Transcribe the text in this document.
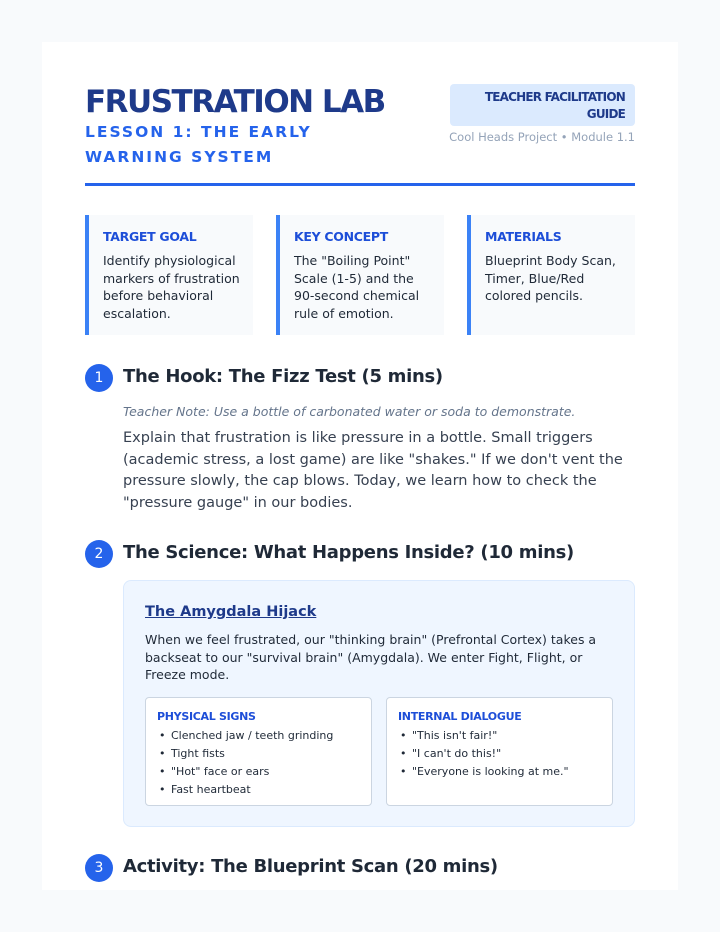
FRUSTRATION LAB
LESSON 1: THE EARLY WARNING SYSTEM
TEACHER FACILITATION GUIDE
Cool Heads Project • Module 1.1
TARGET GOAL
Identify physiological markers of frustration before behavioral escalation.
KEY CONCEPT
The "Boiling Point" Scale (1-5) and the 90-second chemical rule of emotion.
MATERIALS
Blueprint Body Scan, Timer, Blue/Red colored pencils.
1	The Hook: The Fizz Test (5 mins)
Teacher Note: Use a bottle of carbonated water or soda to demonstrate.
Explain that frustration is like pressure in a bottle. Small triggers (academic stress, a lost game) are like "shakes." If we don't vent the pressure slowly, the cap blows. Today, we learn how to check the "pressure gauge" in our bodies.
2	The Science: What Happens Inside? (10 mins)
The Amygdala Hijack
When we feel frustrated, our "thinking brain" (Prefrontal Cortex) takes a backseat to our "survival brain" (Amygdala). We enter Fight, Flight, or Freeze mode.
PHYSICAL SIGNS
• Clenched jaw / teeth grinding
• Tight fists
• "Hot" face or ears
• Fast heartbeat
INTERNAL DIALOGUE
• "This isn't fair!"
• "I can't do this!"
• "Everyone is looking at me."
3	Activity: The Blueprint Scan (20 mins)
